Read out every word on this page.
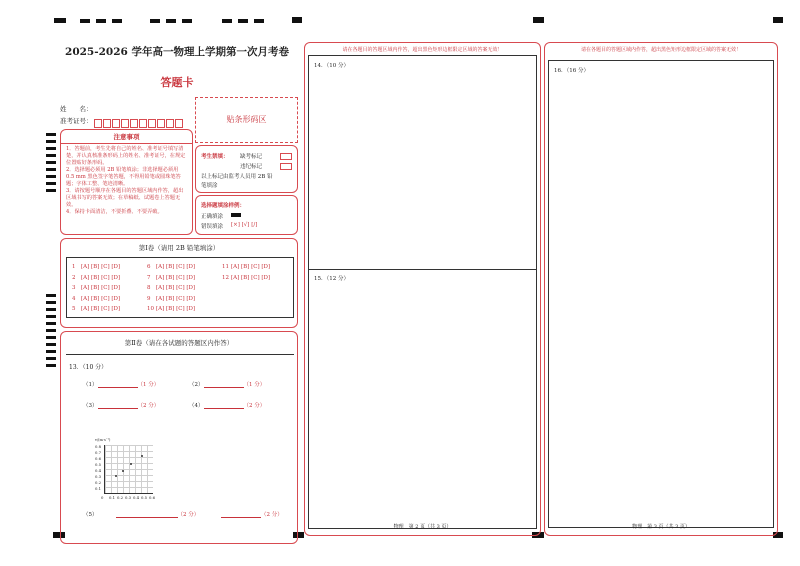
2025-2026 学年高一物理上学期第一次月考卷
答题卡
姓　　名：
准考证号：	贴条形码区
注意事项
1．答题前，考生先将自己的姓名、准考证号填写清楚，并认真核准条形码上的姓名、准考证号，在规定位置贴好条形码。
2．选择题必须用 2B 铅笔填涂；非选择题必须用 0.5 mm 黑色签字笔答题，不得用铅笔或圆珠笔答题；字体工整、笔迹清晰。
3．请按题号顺序在各题目的答题区域内作答，超出区域书写的答案无效；在草稿纸、试题卷上答题无效。
4．保持卡面清洁，不要折叠、不要弄破。
考生禁填： 缺考标记
违纪标记
以上标记由监考人员用 2B 铅
笔填涂
选择题填涂样例：
正确填涂
错误填涂 [×] [√] [/]
第Ⅰ卷（请用 2B 铅笔填涂）
1 [A] [B] [C] [D]
2 [A] [B] [C] [D]
3 [A] [B] [C] [D]
4 [A] [B] [C] [D]
5 [A] [B] [C] [D]
6 [A] [B] [C] [D]
7 [A] [B] [C] [D]
8 [A] [B] [C] [D]
9 [A] [B] [C] [D]
10 [A] [B] [C] [D]
11 [A] [B] [C] [D]
12 [A] [B] [C] [D]
第Ⅱ卷（请在各试题的答题区内作答）
13．（10 分）
（1）	（1 分）	（2）	（1 分）
（3）	（2 分）	（4）	（2 分）
v/(m·s⁻¹)
0.8
0.7
0.6
0.5
0.4
0.3
0.2
0.1
0 0.1 0.2 0.3 0.4 0.5 0.6
（5）	（2 分）	（2 分）
请在各题目的答题区域内作答，超出黑色矩形边框限定区域的答案无效！
14．（10 分）
15．（12 分）
物理　第 2 页（共 3 页）
请在各题目的答题区域内作答，超出黑色矩形边框限定区域的答案无效！
16．（16 分）
物理　第 3 页（共 3 页）
